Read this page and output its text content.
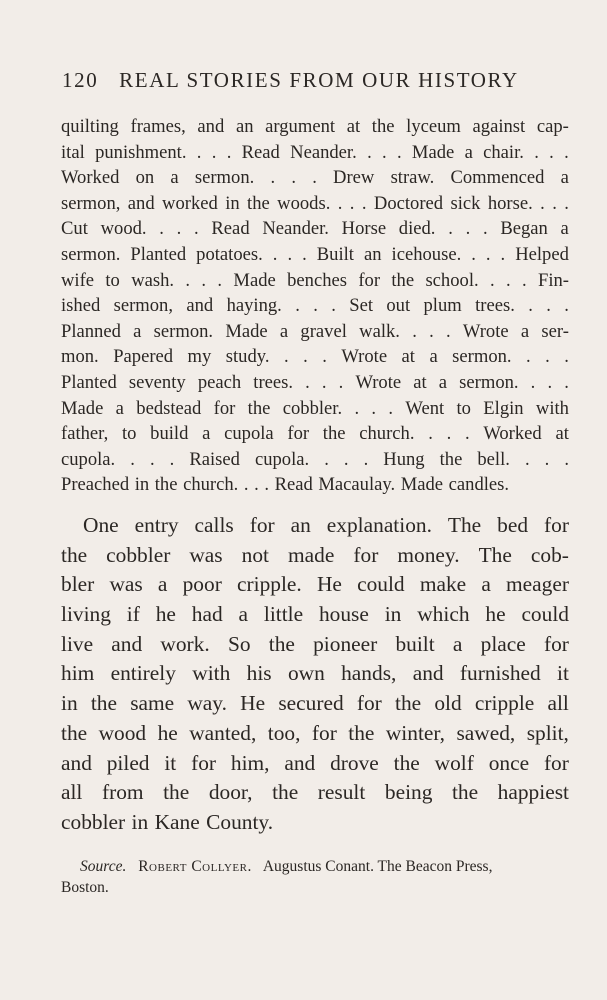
120 REAL STORIES FROM OUR HISTORY
quilting frames, and an argument at the lyceum against cap-
ital punishment. . . . Read Neander. . . . Made a chair. . . .
Worked on a sermon. . . . Drew straw. Commenced a
sermon, and worked in the woods. . . . Doctored sick horse. . . .
Cut wood. . . . Read Neander. Horse died. . . . Began a
sermon. Planted potatoes. . . . Built an icehouse. . . . Helped
wife to wash. . . . Made benches for the school. . . . Fin-
ished sermon, and haying. . . . Set out plum trees. . . .
Planned a sermon. Made a gravel walk. . . . Wrote a ser-
mon. Papered my study. . . . Wrote at a sermon. . . .
Planted seventy peach trees. . . . Wrote at a sermon. . . .
Made a bedstead for the cobbler. . . . Went to Elgin with
father, to build a cupola for the church. . . . Worked at
cupola. . . . Raised cupola. . . . Hung the bell. . . .
Preached in the church. . . . Read Macaulay. Made candles.
One entry calls for an explanation. The bed for
the cobbler was not made for money. The cob-
bler was a poor cripple. He could make a meager
living if he had a little house in which he could
live and work. So the pioneer built a place for
him entirely with his own hands, and furnished it
in the same way. He secured for the old cripple all
the wood he wanted, too, for the winter, sawed, split,
and piled it for him, and drove the wolf once for
all from the door, the result being the happiest
cobbler in Kane County.
Source. Robert Collyer. Augustus Conant. The Beacon Press,
Boston.
